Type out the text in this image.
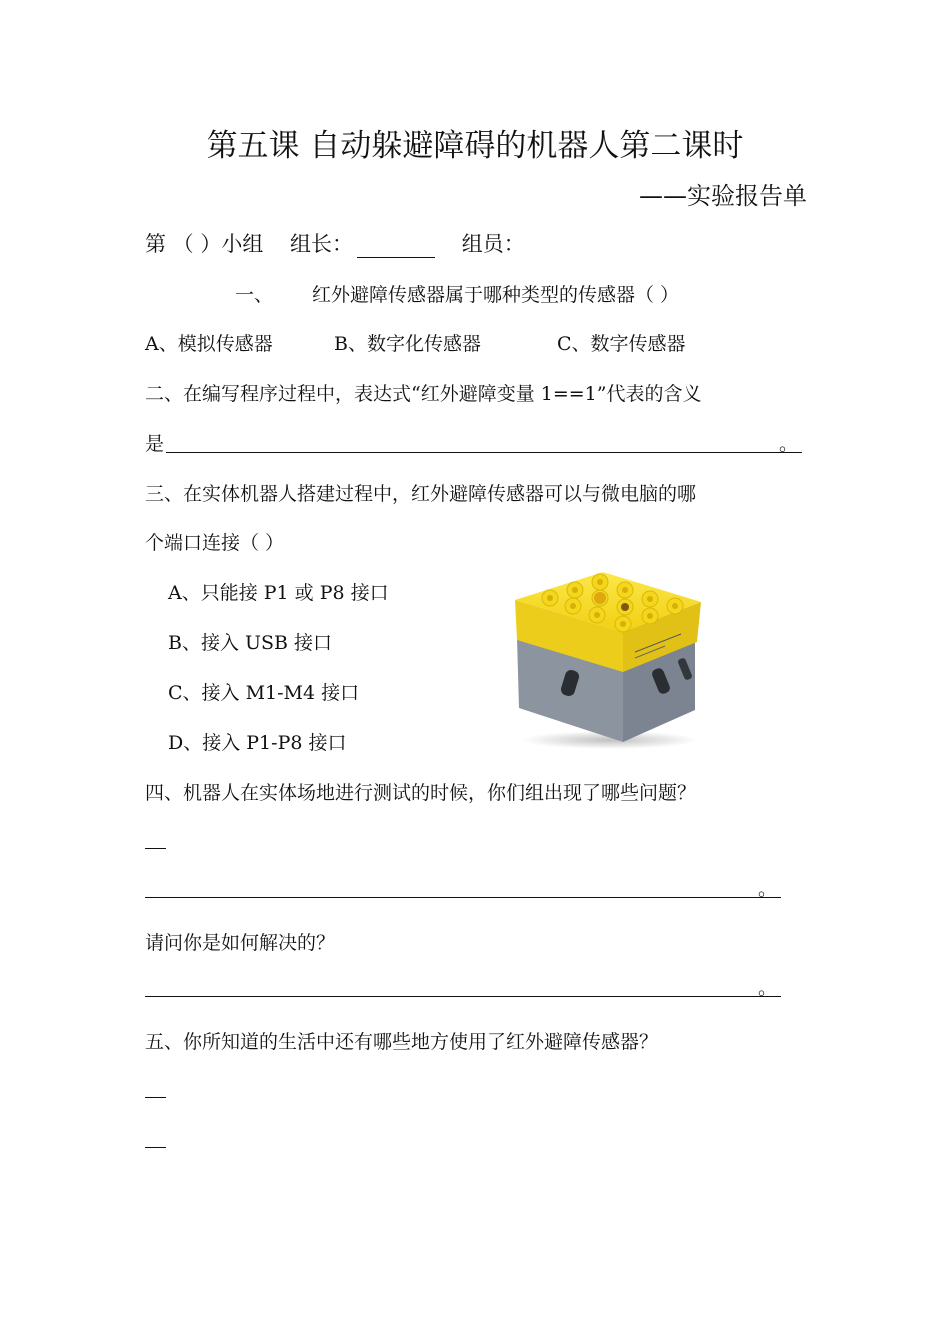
第五课 自动躲避障碍的机器人第二课时
——实验报告单
第 （ ）小组 组长：	组员：
一、 红外避障传感器属于哪种类型的传感器（ ）
A、模拟传感器	B、数字化传感器	C、数字传感器
二、在编写程序过程中，表达式“红外避障变量 1==1”代表的含义
是	。
三、在实体机器人搭建过程中，红外避障传感器可以与微电脑的哪
个端口连接（ ）
A、只能接 P1 或 P8 接口
B、接入 USB 接口
C、接入 M1-M4 接口
D、接入 P1-P8 接口
四、机器人在实体场地进行测试的时候，你们组出现了哪些问题？
。
请问你是如何解决的？
。
五、你所知道的生活中还有哪些地方使用了红外避障传感器？
